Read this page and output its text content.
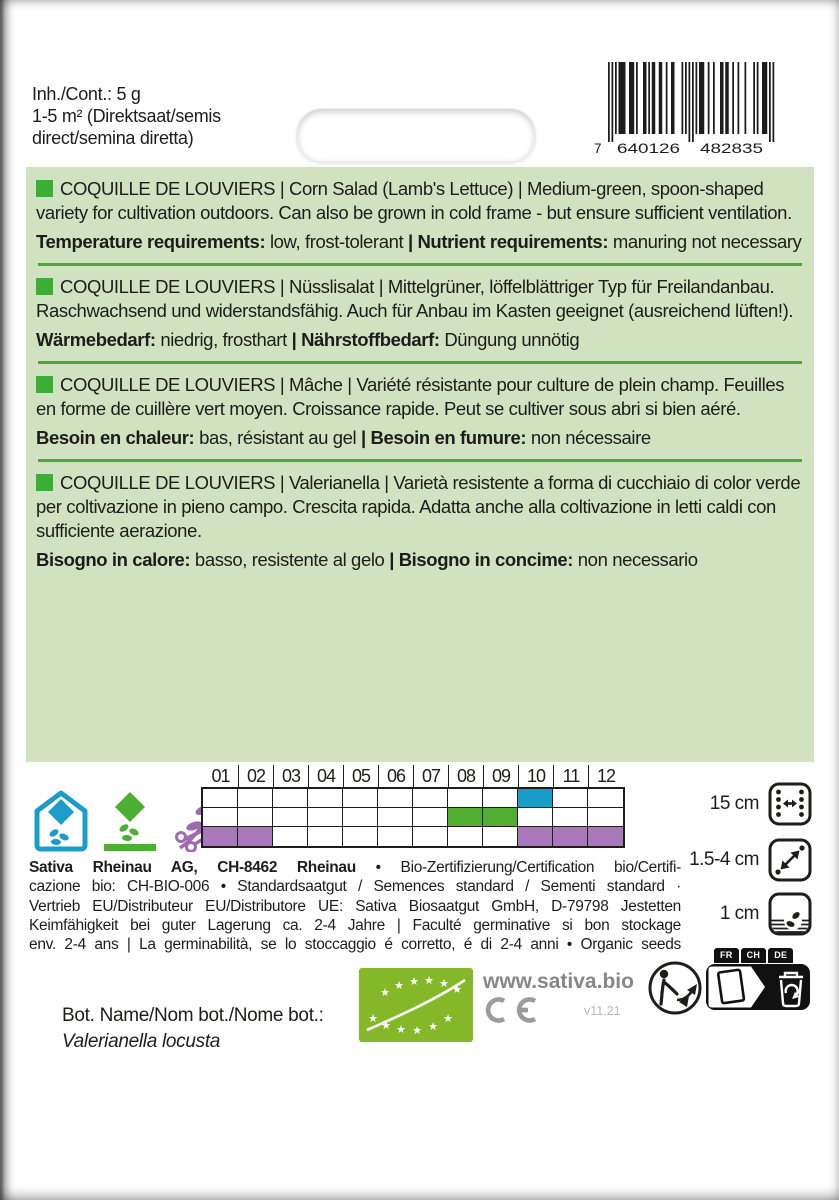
Inh./Cont.: 5 g
1-5 m² (Direktsaat/semis direct/semina diretta)
7 640126 482835

COQUILLE DE LOUVIERS | Corn Salad (Lamb's Lettuce) | Medium-green, spoon-shaped variety for cultivation outdoors. Can also be grown in cold frame - but ensure sufficient ventilation.

Temperature requirements: low, frost-tolerant | Nutrient requirements: manuring not necessary

COQUILLE DE LOUVIERS | Nüsslisalat | Mittelgrüner, löffelblättriger Typ für Freilandanbau. Raschwachsend und widerstandsfähig. Auch für Anbau im Kasten geeignet (ausreichend lüften!).

Wärmebedarf: niedrig, frosthart | Nährstoffbedarf: Düngung unnötig

COQUILLE DE LOUVIERS | Mâche | Variété résistante pour culture de plein champ. Feuilles en forme de cuillère vert moyen. Croissance rapide. Peut se cultiver sous abri si bien aéré.

Besoin en chaleur: bas, résistant au gel | Besoin en fumure: non nécessaire

COQUILLE DE LOUVIERS | Valerianella | Varietà resistente a forma di cucchiaio di color verde per coltivazione in pieno campo. Crescita rapida. Adatta anche alla coltivazione in letti caldi con sufficiente aerazione.

Bisogno in calore: basso, resistente al gelo | Bisogno in concime: non necessario

01 02 03 04 05 06 07 08 09 10 11 12
15 cm
1.5-4 cm
1 cm
Sativa Rheinau AG, CH-8462 Rheinau • Bio-Zertifizierung/Certification bio/Certifi-
cazione bio: CH-BIO-006 • Standardsaatgut / Semences standard / Sementi standard ·
Vertrieb EU/Distributeur EU/Distributore UE: Sativa Biosaatgut GmbH, D-79798 Jestetten
Keimfähigkeit bei guter Lagerung ca. 2-4 Jahre | Faculté germinative si bon stockage
env. 2-4 ans | La germinabilità, se lo stoccaggio é corretto, é di 2-4 anni • Organic seeds
★
★ ★ ★ ★ ★
★
★ ★ ★ ★
★
www.sativa.bio
v11.21
FR	CH	DE
Bot. Name/Nom bot./Nome bot.:
Valerianella locusta
